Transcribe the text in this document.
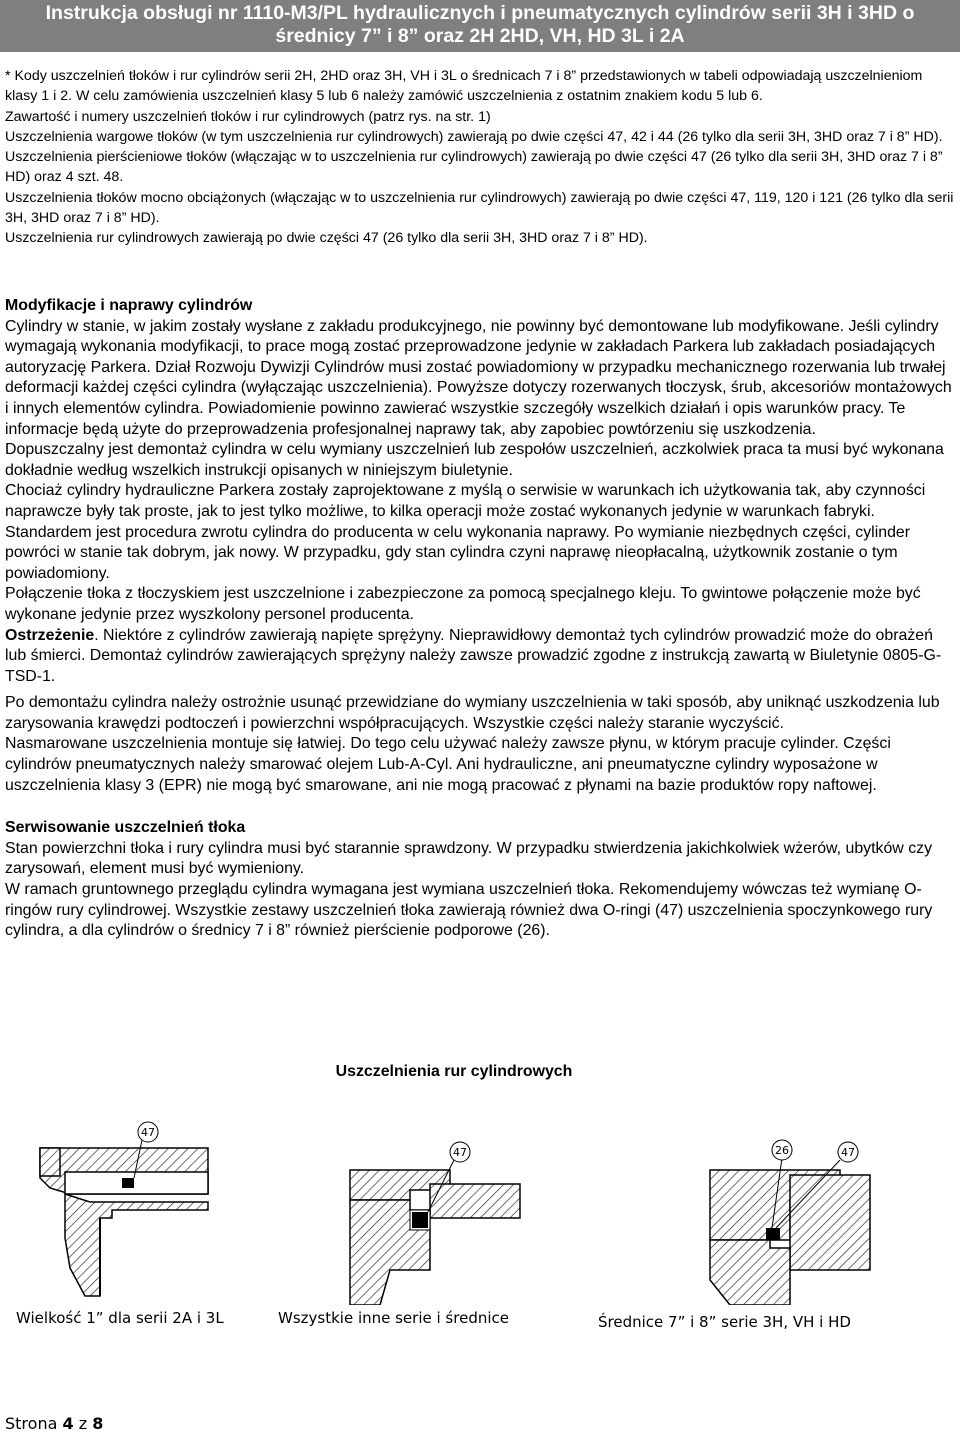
Instrukcja obsługi nr 1110-M3/PL hydraulicznych i pneumatycznych cylindrów serii 3H i 3HD o
średnicy 7” i 8” oraz 2H 2HD, VH, HD 3L i 2A

* Kody uszczelnień tłoków i rur cylindrów serii 2H, 2HD oraz 3H, VH i 3L o średnicach 7 i 8” przedstawionych w tabeli odpowiadają uszczelnieniom klasy 1 i 2. W celu zamówienia uszczelnień klasy 5 lub 6 należy zamówić uszczelnienia z ostatnim znakiem kodu 5 lub 6.

Zawartość i numery uszczelnień tłoków i rur cylindrowych (patrz rys. na str. 1)

Uszczelnienia wargowe tłoków (w tym uszczelnienia rur cylindrowych) zawierają po dwie części 47, 42 i 44 (26 tylko dla serii 3H, 3HD oraz 7 i 8” HD).

Uszczelnienia pierścieniowe tłoków (włączając w to uszczelnienia rur cylindrowych) zawierają po dwie części 47 (26 tylko dla serii 3H, 3HD oraz 7 i 8” HD) oraz 4 szt. 48.

Uszczelnienia tłoków mocno obciążonych (włączając w to uszczelnienia rur cylindrowych) zawierają po dwie części 47, 119, 120 i 121 (26 tylko dla serii 3H, 3HD oraz 7 i 8” HD).

Uszczelnienia rur cylindrowych zawierają po dwie części 47 (26 tylko dla serii 3H, 3HD oraz 7 i 8” HD).

Modyfikacje i naprawy cylindrów

Cylindry w stanie, w jakim zostały wysłane z zakładu produkcyjnego, nie powinny być demontowane lub modyfikowane. Jeśli cylindry wymagają wykonania modyfikacji, to prace mogą zostać przeprowadzone jedynie w zakładach Parkera lub zakładach posiadających autoryzację Parkera. Dział Rozwoju Dywizji Cylindrów musi zostać powiadomiony w przypadku mechanicznego rozerwania lub trwałej deformacji każdej części cylindra (wyłączając uszczelnienia). Powyższe dotyczy rozerwanych tłoczysk, śrub, akcesoriów montażowych i innych elementów cylindra. Powiadomienie powinno zawierać wszystkie szczegóły wszelkich działań i opis warunków pracy. Te informacje będą użyte do przeprowadzenia profesjonalnej naprawy tak, aby zapobiec powtórzeniu się uszkodzenia.

Dopuszczalny jest demontaż cylindra w celu wymiany uszczelnień lub zespołów uszczelnień, aczkolwiek praca ta musi być wykonana dokładnie według wszelkich instrukcji opisanych w niniejszym biuletynie.

Chociaż cylindry hydrauliczne Parkera zostały zaprojektowane z myślą o serwisie w warunkach ich użytkowania tak, aby czynności naprawcze były tak proste, jak to jest tylko możliwe, to kilka operacji może zostać wykonanych jedynie w warunkach fabryki. Standardem jest procedura zwrotu cylindra do producenta w celu wykonania naprawy. Po wymianie niezbędnych części, cylinder powróci w stanie tak dobrym, jak nowy. W przypadku, gdy stan cylindra czyni naprawę nieopłacalną, użytkownik zostanie o tym powiadomiony.

Połączenie tłoka z tłoczyskiem jest uszczelnione i zabezpieczone za pomocą specjalnego kleju. To gwintowe połączenie może być wykonane jedynie przez wyszkolony personel producenta.

Ostrzeżenie. Niektóre z cylindrów zawierają napięte sprężyny. Nieprawidłowy demontaż tych cylindrów prowadzić może do obrażeń lub śmierci. Demontaż cylindrów zawierających sprężyny należy zawsze prowadzić zgodne z instrukcją zawartą w Biuletynie 0805-G-TSD-1.

Po demontażu cylindra należy ostrożnie usunąć przewidziane do wymiany uszczelnienia w taki sposób, aby uniknąć uszkodzenia lub zarysowania krawędzi podtoczeń i powierzchni współpracujących. Wszystkie części należy staranie wyczyścić.

Nasmarowane uszczelnienia montuje się łatwiej. Do tego celu używać należy zawsze płynu, w którym pracuje cylinder. Części cylindrów pneumatycznych należy smarować olejem Lub-A-Cyl. Ani hydrauliczne, ani pneumatyczne cylindry wyposażone w uszczelnienia klasy 3 (EPR) nie mogą być smarowane, ani nie mogą pracować z płynami na bazie produktów ropy naftowej.

Serwisowanie uszczelnień tłoka

Stan powierzchni tłoka i rury cylindra musi być starannie sprawdzony. W przypadku stwierdzenia jakichkolwiek wżerów, ubytków czy zarysowań, element musi być wymieniony.

W ramach gruntownego przeglądu cylindra wymagana jest wymiana uszczelnień tłoka. Rekomendujemy wówczas też wymianę O-ringów rury cylindrowej. Wszystkie zestawy uszczelnień tłoka zawierają również dwa O-ringi (47) uszczelnienia spoczynkowego rury cylindra, a dla cylindrów o średnicy 7 i 8” również pierścienie podporowe (26).

Uszczelnienia rur cylindrowych
47
47	26	47
Wielkość 1” dla serii 2A i 3L	Wszystkie inne serie i średnice	Średnice 7” i 8” serie 3H, VH i HD
Strona 4 z 8
